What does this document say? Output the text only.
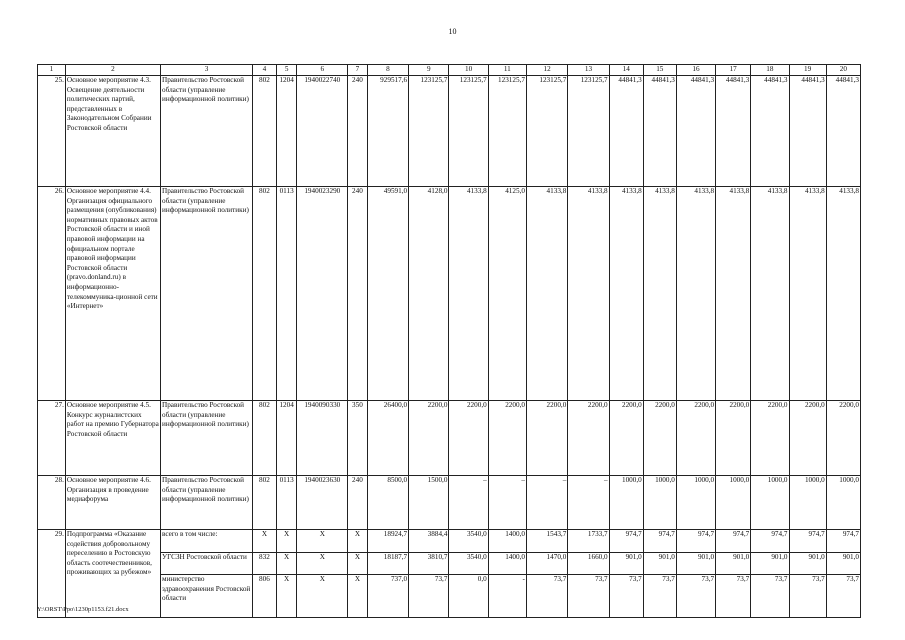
10
1	2	3	4	5	6	7	8	9	10	11	12	13	14	15	16	17	18	19	20
25.	Основное мероприятие 4.3. Освещение деятельности политических партий, представленных в Законодательном Собрании Ростовской области	Правительство Ростовской области (управление информационной политики)	802	1204	1940022740	240	929517,6	123125,7	123125,7	123125,7	123125,7	123125,7	44841,3	44841,3	44841,3	44841,3	44841,3	44841,3	44841,3
26.	Основное мероприятие 4.4. Организация официального размещения (опубликования) нормативных правовых актов Ростовской области и иной правовой информации на официальном портале правовой информации Ростовской области (pravo.donland.ru) в информационно-телекоммуника-ционной сети «Интернет»	Правительство Ростовской области (управление информационной политики)	802	0113	1940023290	240	49591,0	4128,0	4133,8	4125,0	4133,8	4133,8	4133,8	4133,8	4133,8	4133,8	4133,8	4133,8	4133,8
27.	Основное мероприятие 4.5. Конкурс журналистских работ на премию Губернатора Ростовской области	Правительство Ростовской области (управление информационной политики)	802	1204	1940090330	350	26400,0	2200,0	2200,0	2200,0	2200,0	2200,0	2200,0	2200,0	2200,0	2200,0	2200,0	2200,0	2200,0
28.	Основное мероприятие 4.6. Организация в проведение медиафорума	Правительство Ростовской области (управление информационной политики)	802	0113	1940023630	240	8500,0	1500,0	–	–	–	–	1000,0	1000,0	1000,0	1000,0	1000,0	1000,0	1000,0
29.	Подпрограмма «Оказание содействия добровольному переселению в Ростовскую область соотечественников, проживающих за рубежом»	всего в том числе:	X	X	X	X	18924,7	3884,4	3540,0	1400,0	1543,7	1733,7	974,7	974,7	974,7	974,7	974,7	974,7	974,7
		УГСЗН Ростовской области	832	X	X	X	18187,7	3810,7	3540,0	1400,0	1470,0	1660,0	901,0	901,0	901,0	901,0	901,0	901,0	901,0
		министерство здравоохранения Ростовской области	806	X	X	X	737,0	73,7	0,0	-	73,7	73,7	73,7	73,7	73,7	73,7	73,7	73,7	73,7
Y:\ORST\Ppo\1230p1153.f21.docx
